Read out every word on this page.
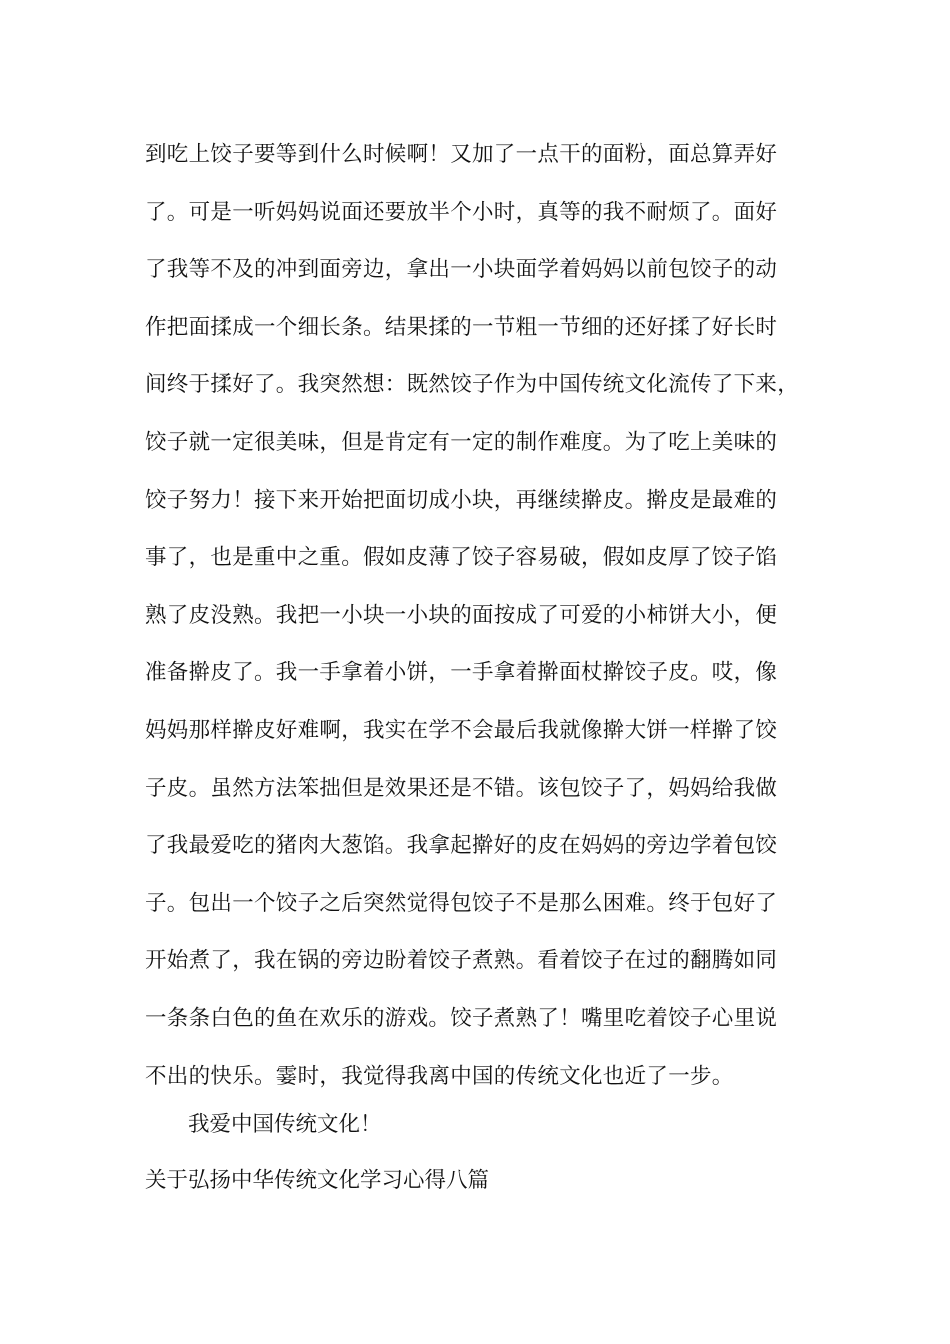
到吃上饺子要等到什么时候啊！又加了一点干的面粉，面总算弄好
了。可是一听妈妈说面还要放半个小时，真等的我不耐烦了。面好
了我等不及的冲到面旁边，拿出一小块面学着妈妈以前包饺子的动
作把面揉成一个细长条。结果揉的一节粗一节细的还好揉了好长时
间终于揉好了。我突然想：既然饺子作为中国传统文化流传了下来，
饺子就一定很美味，但是肯定有一定的制作难度。为了吃上美味的
饺子努力！接下来开始把面切成小块，再继续擀皮。擀皮是最难的
事了，也是重中之重。假如皮薄了饺子容易破，假如皮厚了饺子馅
熟了皮没熟。我把一小块一小块的面按成了可爱的小柿饼大小，便
准备擀皮了。我一手拿着小饼，一手拿着擀面杖擀饺子皮。哎，像
妈妈那样擀皮好难啊，我实在学不会最后我就像擀大饼一样擀了饺
子皮。虽然方法笨拙但是效果还是不错。该包饺子了，妈妈给我做
了我最爱吃的猪肉大葱馅。我拿起擀好的皮在妈妈的旁边学着包饺
子。包出一个饺子之后突然觉得包饺子不是那么困难。终于包好了
开始煮了，我在锅的旁边盼着饺子煮熟。看着饺子在过的翻腾如同
一条条白色的鱼在欢乐的游戏。饺子煮熟了！嘴里吃着饺子心里说
不出的快乐。霎时，我觉得我离中国的传统文化也近了一步。
我爱中国传统文化！
关于弘扬中华传统文化学习心得八篇
